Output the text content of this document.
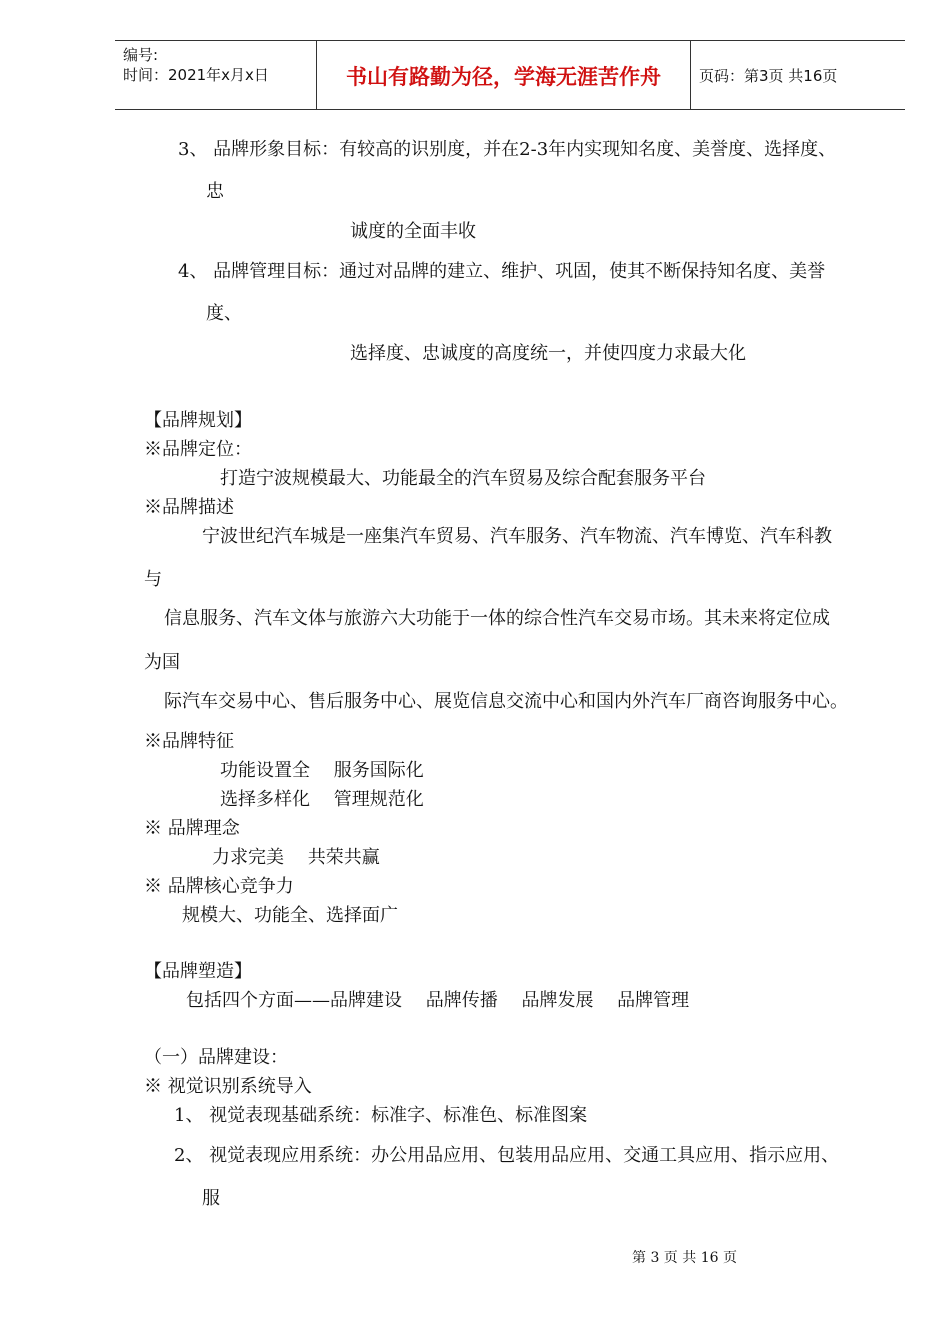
编号:
时间：2021年x月x日	书山有路勤为径，学海无涯苦作舟	页码：第3页 共16页
3、 品牌形象目标：有较高的识别度，并在2-3年内实现知名度、美誉度、选择度、
忠
诚度的全面丰收
4、 品牌管理目标：通过对品牌的建立、维护、巩固，使其不断保持知名度、美誉
度、
选择度、忠诚度的高度统一，并使四度力求最大化
【品牌规划】
※品牌定位：
打造宁波规模最大、功能最全的汽车贸易及综合配套服务平台
※品牌描述
宁波世纪汽车城是一座集汽车贸易、汽车服务、汽车物流、汽车博览、汽车科教
与
信息服务、汽车文体与旅游六大功能于一体的综合性汽车交易市场。其未来将定位成
为国
际汽车交易中心、售后服务中心、展览信息交流中心和国内外汽车厂商咨询服务中心。
※品牌特征
功能设置全　 服务国际化
选择多样化　 管理规范化
※ 品牌理念
力求完美　 共荣共赢
※ 品牌核心竞争力
规模大、功能全、选择面广
【品牌塑造】
包括四个方面——品牌建设　 品牌传播　 品牌发展　 品牌管理
（一）品牌建设：
※ 视觉识别系统导入
1、 视觉表现基础系统：标准字、标准色、标准图案
2、 视觉表现应用系统：办公用品应用、包装用品应用、交通工具应用、指示应用、
服
第 3 页 共 16 页
